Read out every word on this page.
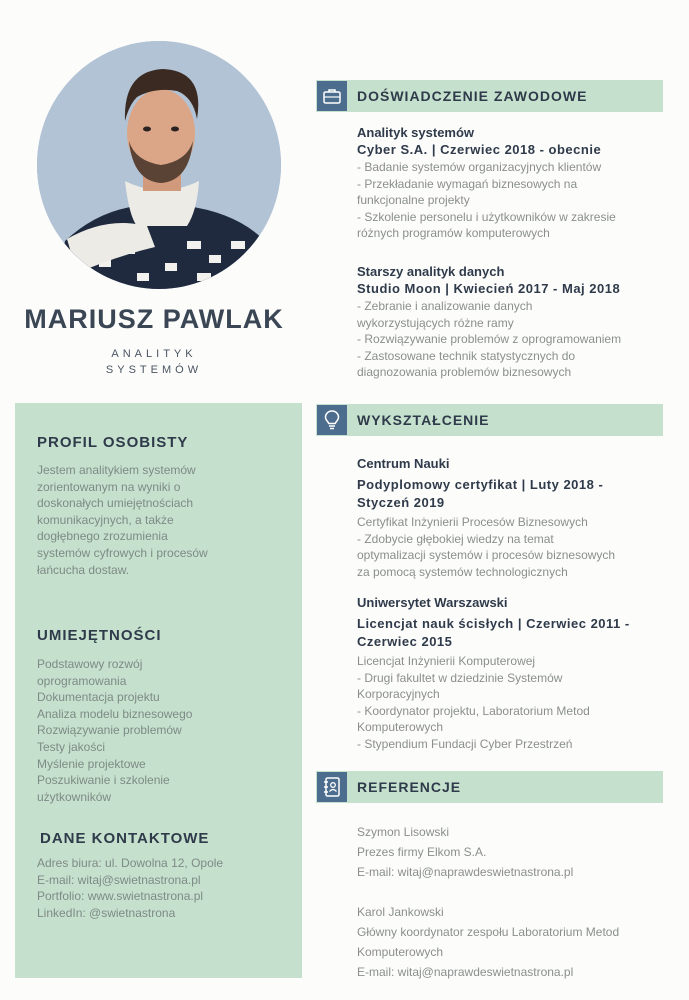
MARIUSZ PAWLAK
ANALITYK
SYSTEMÓW
PROFIL OSOBISTY
Jestem analitykiem systemów
zorientowanym na wyniki o
doskonałych umiejętnościach
komunikacyjnych, a także
dogłębnego zrozumienia
systemów cyfrowych i procesów
łańcucha dostaw.
UMIEJĘTNOŚCI
Podstawowy rozwój
oprogramowania
Dokumentacja projektu
Analiza modelu biznesowego
Rozwiązywanie problemów
Testy jakości
Myślenie projektowe
Poszukiwanie i szkolenie
użytkowników
DANE KONTAKTOWE
Adres biura: ul. Dowolna 12, Opole
E-mail: witaj@swietnastrona.pl
Portfolio: www.swietnastrona.pl
LinkedIn: @swietnastrona
DOŚWIADCZENIE ZAWODOWE
Analityk systemów
Cyber S.A. | Czerwiec 2018 - obecnie
- Badanie systemów organizacyjnych klientów
- Przekładanie wymagań biznesowych na
funkcjonalne projekty
- Szkolenie personelu i użytkowników w zakresie
różnych programów komputerowych
Starszy analityk danych
Studio Moon | Kwiecień 2017 - Maj 2018
- Zebranie i analizowanie danych
wykorzystujących różne ramy
- Rozwiązywanie problemów z oprogramowaniem
- Zastosowane technik statystycznych do
diagnozowania problemów biznesowych
WYKSZTAŁCENIE
Centrum Nauki
Podyplomowy certyfikat | Luty 2018 -
Styczeń 2019
Certyfikat Inżynierii Procesów Biznesowych
- Zdobycie głębokiej wiedzy na temat
optymalizacji systemów i procesów biznesowych
za pomocą systemów technologicznych
Uniwersytet Warszawski
Licencjat nauk ścisłych | Czerwiec 2011 -
Czerwiec 2015
Licencjat Inżynierii Komputerowej
- Drugi fakultet w dziedzinie Systemów
Korporacyjnych
- Koordynator projektu, Laboratorium Metod
Komputerowych
- Stypendium Fundacji Cyber Przestrzeń
REFERENCJE
Szymon Lisowski
Prezes firmy Elkom S.A.
E-mail: witaj@naprawdeswietnastrona.pl
Karol Jankowski
Główny koordynator zespołu Laboratorium Metod
Komputerowych
E-mail: witaj@naprawdeswietnastrona.pl
